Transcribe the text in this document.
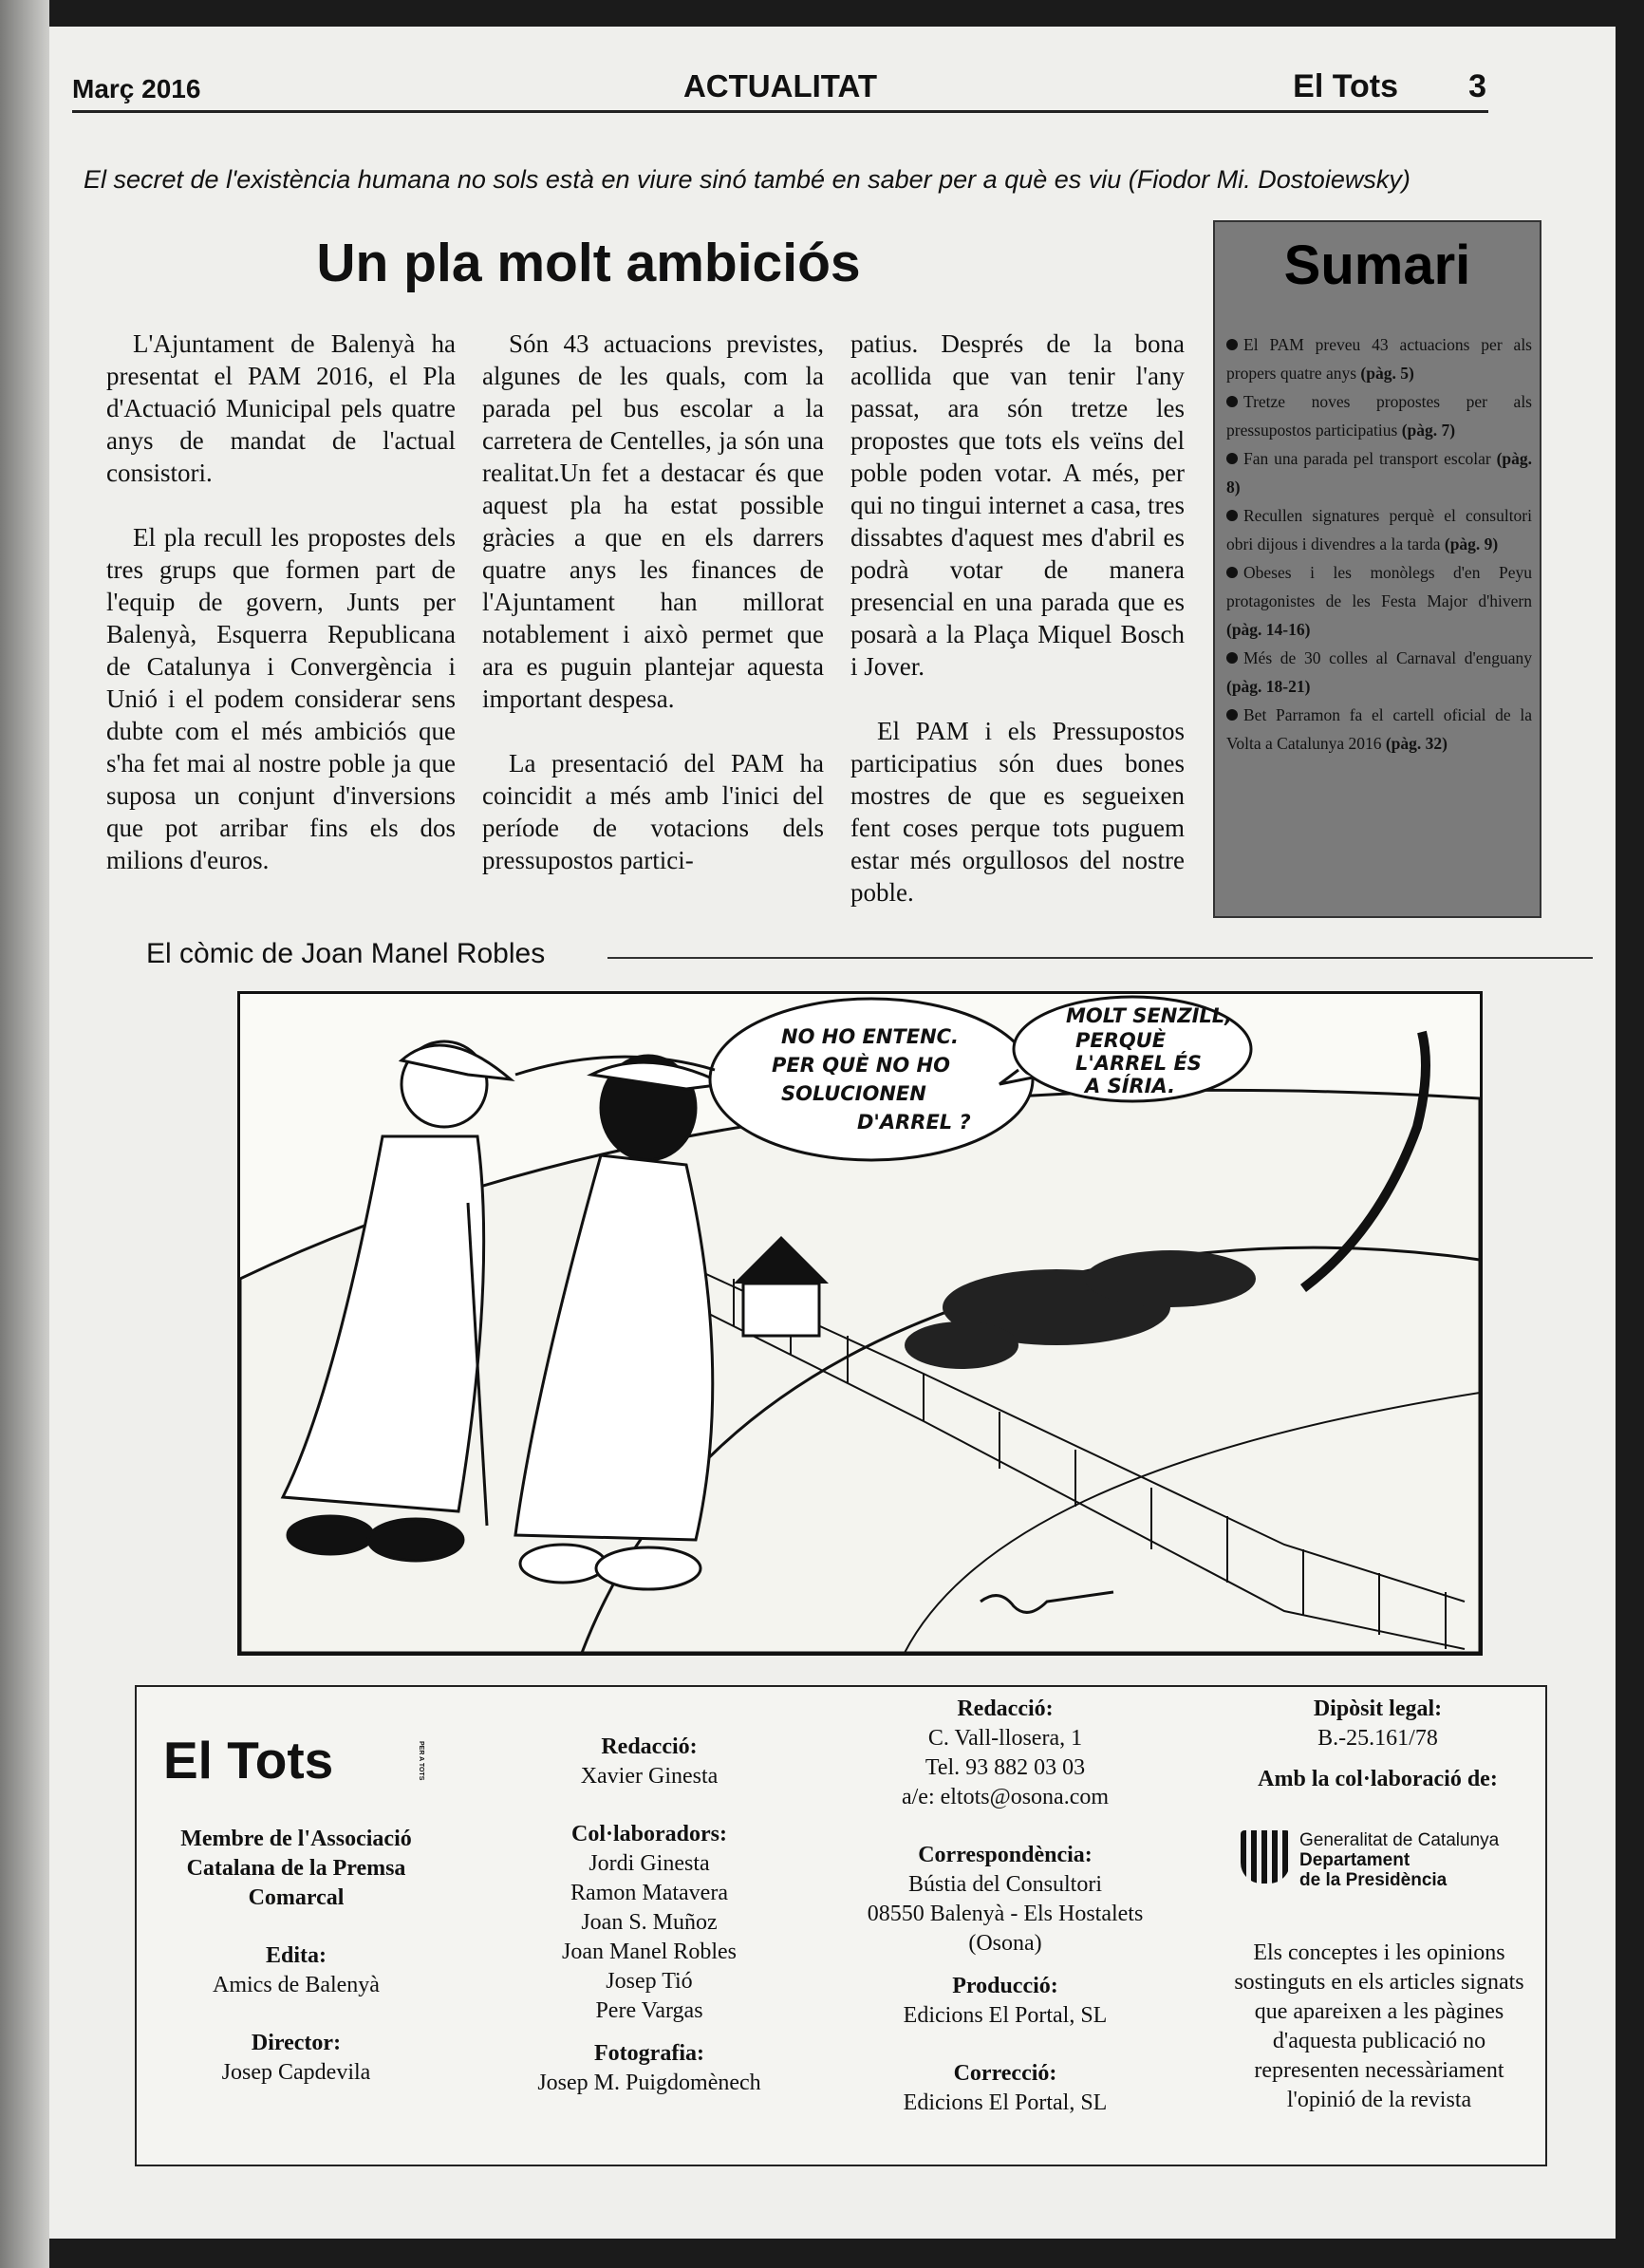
Març 2016	ACTUALITAT	El Tots 3
El secret de l'existència humana no sols està en viure sinó també en saber per a què es viu (Fiodor Mi. Dostoiewsky)
Un pla molt ambiciós

L'Ajuntament de Balenyà ha presentat el PAM 2016, el Pla d'Actuació Municipal pels quatre anys de mandat de l'actual consistori.

El pla recull les propostes dels tres grups que formen part de l'equip de govern, Junts per Balenyà, Esquerra Republicana de Catalunya i Convergència i Unió i el podem considerar sens dubte com el més ambiciós que s'ha fet mai al nostre poble ja que suposa un conjunt d'inversions que pot arribar fins els dos milions d'euros.

Són 43 actuacions previstes, algunes de les quals, com la parada pel bus escolar a la carretera de Centelles, ja són una realitat.Un fet a destacar és que aquest pla ha estat possible gràcies a que en els darrers quatre anys les finances de l'Ajuntament han millorat notablement i això permet que ara es puguin plantejar aquesta important despesa.

La presentació del PAM ha coincidit a més amb l'inici del període de votacions dels pressupostos partici-

patius. Després de la bona acollida que van tenir l'any passat, ara són tretze les propostes que tots els veïns del poble poden votar. A més, per qui no tingui internet a casa, tres dissabtes d'aquest mes d'abril es podrà votar de manera presencial en una parada que es posarà a la Plaça Miquel Bosch i Jover.

El PAM i els Pressupostos participatius són dues bones mostres de que es segueixen fent coses perque tots puguem estar més orgullosos del nostre poble.

Sumari
El PAM preveu 43 actuacions per als propers quatre anys (pàg. 5)
Tretze noves propostes per als pressupostos participatius (pàg. 7)
Fan una parada pel transport escolar (pàg. 8)
Recullen signatures perquè el consultori obri dijous i divendres a la tarda (pàg. 9)
Obeses i les monòlegs d'en Peyu protagonistes de les Festa Major d'hivern (pàg. 14-16)
Més de 30 colles al Carnaval d'enguany (pàg. 18-21)
Bet Parramon fa el cartell oficial de la Volta a Catalunya 2016 (pàg. 32)
El còmic de Joan Manel Robles
NO HO ENTENC.
PER QUÈ NO HO
SOLUCIONEN
D'ARREL ?
MOLT SENZILL,
PERQUÈ
L'ARREL ÉS
A SÍRIA.
El Tots	PER A TOTS
Membre de l'Associació Catalana de la Premsa Comarcal
Edita:
Amics de Balenyà
Director:
Josep Capdevila
Redacció:
Xavier Ginesta
Col·laboradors:
Jordi Ginesta
Ramon Matavera
Joan S. Muñoz
Joan Manel Robles
Josep Tió
Pere Vargas
Fotografia:
Josep M. Puigdomènech
Redacció:
C. Vall-llosera, 1
Tel. 93 882 03 03
a/e: eltots@osona.com
Correspondència:
Bústia del Consultori
08550 Balenyà - Els Hostalets
(Osona)
Producció:
Edicions El Portal, SL
Correcció:
Edicions El Portal, SL
Dipòsit legal:
B.-25.161/78
Amb la col·laboració de:
Generalitat de Catalunya
Departament
de la Presidència
Els conceptes i les opinions sostinguts en els articles signats que apareixen a les pàgines d'aquesta publicació no representen necessàriament l'opinió de la revista
